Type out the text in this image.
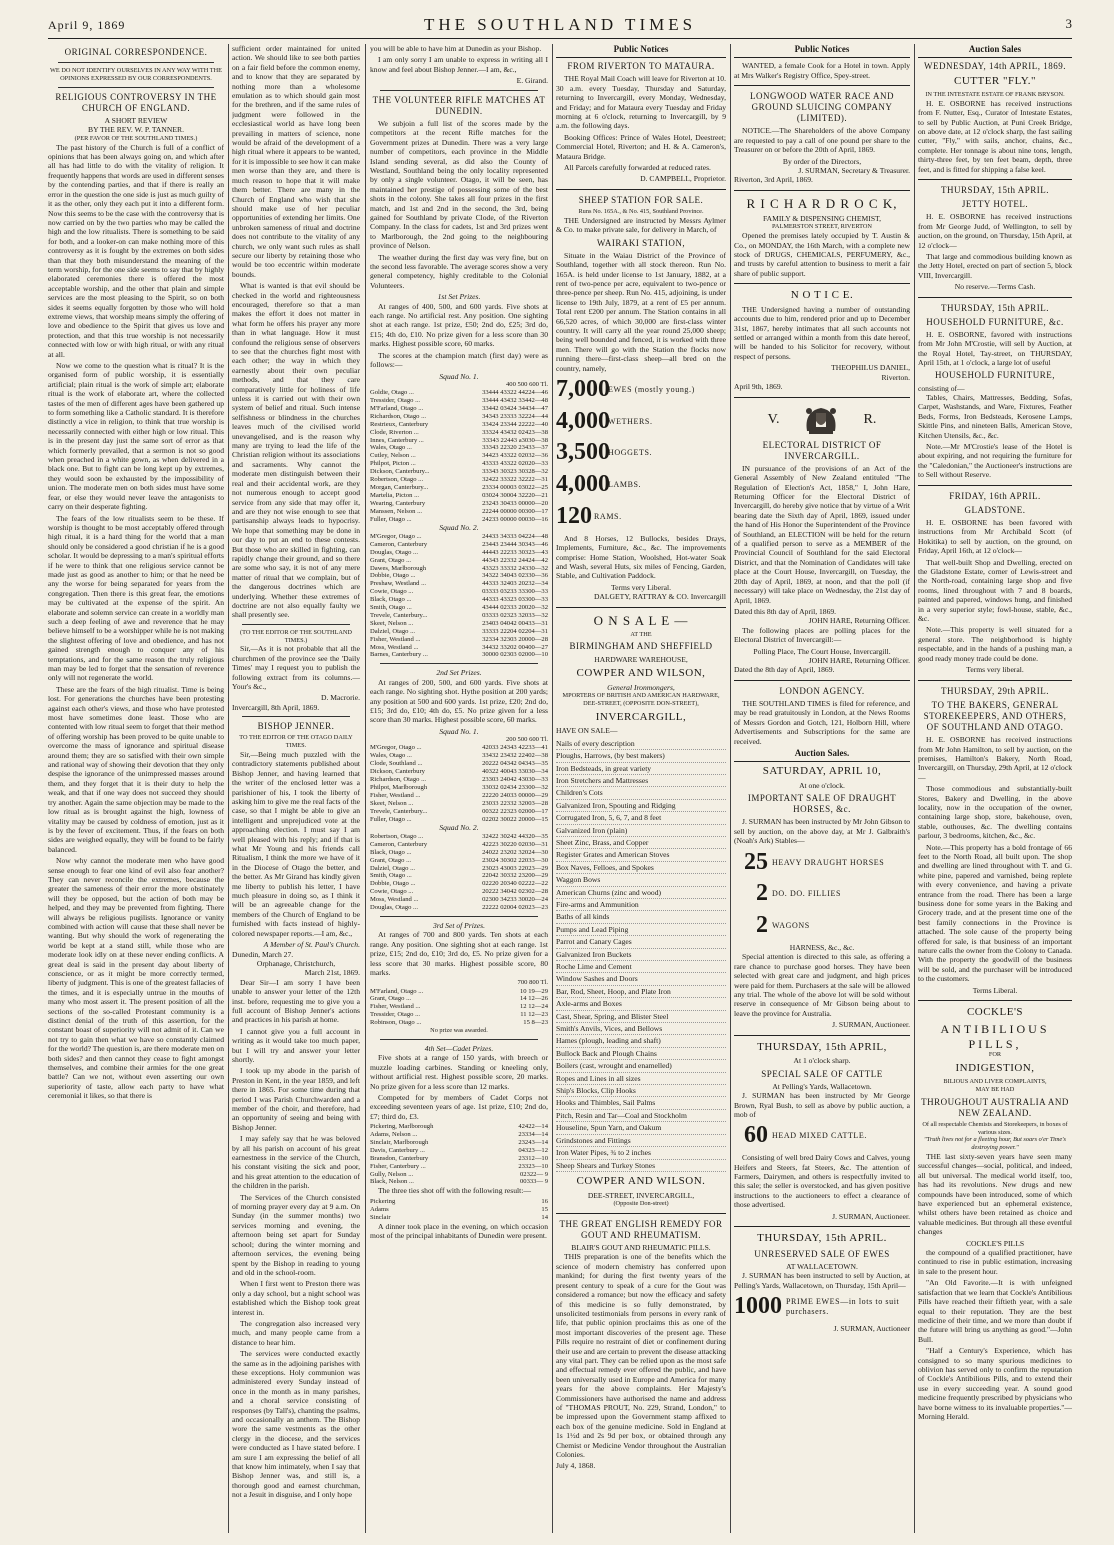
April 9, 1869	THE SOUTHLAND TIMES	3
ORIGINAL CORRESPONDENCE.
WE DO NOT IDENTIFY OURSELVES IN ANY WAY WITH THE OPINIONS EXPRESSED BY OUR CORRESPONDENTS.
RELIGIOUS CONTROVERSY IN THE CHURCH OF ENGLAND.
A SHORT REVIEW
BY THE REV. W. P. TANNER.
(PER FAVOR OF THE SOUTHLAND TIMES.)

The past history of the Church is full of a conflict of opinions that has been always going on, and which after all has had little to do with the vitality of religion. It frequently happens that words are used in different senses by the contending parties, and that if there is really an error in the question the one side is just as much guilty of it as the other, only they each put it into a different form. Now this seems to be the case with the controversy that is now carried on by the two parties who may be called the high and the low ritualists. There is something to be said for both, and a looker-on can make nothing more of this controversy as it is fought by the extremes on both sides than that they both misunderstand the meaning of the term worship, for the one side seems to say that by highly elaborated ceremonies there is offered the most acceptable worship, and the other that plain and simple services are the most pleasing to the Spirit, so on both sides it seems equally forgotten by those who will hold extreme views, that worship means simply the offering of love and obedience to the Spirit that gives us love and protection, and that this true worship is not necessarily connected with low or with high ritual, or with any ritual at all.

Now we come to the question what is ritual? It is the organised form of public worship, it is essentially artificial; plain ritual is the work of simple art; elaborate ritual is the work of elaborate art, where the collected tastes of the men of different ages have been gathered up to form something like a Catholic standard. It is therefore distinctly a vice in religion, to think that true worship is necessarily connected with either high or low ritual. This is in the present day just the same sort of error as that which formerly prevailed, that a sermon is not so good when preached in a white gown, as when delivered in a black one. But to fight can be long kept up by extremes, they would soon be exhausted by the impossibility of union. The moderate men on both sides must have some fear, or else they would never leave the antagonists to carry on their desperate fighting.

The fears of the low ritualists seem to be these. If worship is thought to be most acceptably offered through high ritual, it is a hard thing for the world that a man should only be considered a good christian if he is a good scholar. It would be depressing to a man's spiritual efforts if he were to think that one religious service cannot be made just as good as another to him; or that he need be any the worse for being separated for years from the congregation. Then there is this great fear, the emotions may be cultivated at the expense of the spirit. An elaborate and solemn service can create in a worldly man such a deep feeling of awe and reverence that he may believe himself to be a worshipper while he is not making the slightest offering of love and obedience, and has not gained strength enough to conquer any of his temptations, and for the same reason the truly religious man may be led to forget that the sensation of reverence only will not regenerate the world.

These are the fears of the high ritualist. Time is being lost. For generations the churches have been protesting against each other's views, and those who have protested most have sometimes done least. Those who are contented with low ritual seem to forget that their method of offering worship has been proved to be quite unable to overcome the mass of ignorance and spiritual disease around them; they are so satisfied with their own simple and rational way of showing their devotion that they only despise the ignorance of the unimpressed masses around them, and they forget that it is their duty to help the weak, and that if one way does not succeed they should try another. Again the same objection may be made to the low ritual as is brought against the high, lowness of vitality may be caused by coldness of emotion, just as it is by the fever of excitement. Thus, if the fears on both sides are weighed equally, they will be found to be fairly balanced.

Now why cannot the moderate men who have good sense enough to fear one kind of evil also fear another? They can never reconcile the extremes, because the greater the sameness of their error the more obstinately will they be opposed, but the action of both may be helped, and they may be prevented from fighting. There will always be religious pugilists. Ignorance or vanity combined with action will cause that these shall never be wanting. But why should the work of regenerating the world be kept at a stand still, while those who are moderate look idly on at these never ending conflicts. A great deal is said in the present day about liberty of conscience, or as it might be more correctly termed, liberty of judgment. This is one of the greatest fallacies of the times, and it is especially untrue in the mouths of many who most assert it. The present position of all the sections of the so-called Protestant community is a distinct denial of the truth of this assertion, for the constant boast of superiority will not admit of it. Can we not try to gain then what we have so constantly claimed for the world? The question is, are there moderate men on both sides? and then cannot they cease to fight amongst themselves, and combine their armies for the one great battle? Can we not, without even asserting our own superiority of taste, allow each party to have what ceremonial it likes, so that there is

sufficient order maintained for united action. We should like to see both parties on a fair field before the common enemy, and to know that they are separated by nothing more than a wholesome emulation as to which should gain most for the brethren, and if the same rules of judgment were followed in the ecclesiastical world as have long been prevailing in matters of science, none would be afraid of the development of a high ritual where it appears to be wanted, for it is impossible to see how it can make men worse than they are, and there is much reason to hope that it will make them better. There are many in the Church of England who wish that she should make use of her peculiar opportunities of extending her limits. One unbroken sameness of ritual and doctrine does not contribute to the vitality of any church, we only want such rules as shall secure our liberty by retaining those who would be too eccentric within moderate bounds.

What is wanted is that evil should be checked in the world and righteousness encouraged, therefore so that a man makes the effort it does not matter in what form he offers his prayer any more than in what language. How it must confound the religious sense of observers to see that the churches fight most with each other; the way in which they earnestly about their own peculiar methods, and that they care comparatively little for holiness of life unless it is carried out with their own system of belief and ritual. Such intense selfishness or blindness in the churches leaves much of the civilised world unevangelised, and is the reason why many are trying to lead the life of the Christian religion without its associations and sacraments. Why cannot the moderate men distinguish between their real and their accidental work, are they not numerous enough to accept good service from any side that may offer it, and are they not wise enough to see that partisanship always leads to hypocrisy. We hope that something may be done in our day to put an end to these contests. But those who are skilled in fighting, can rapidly change their ground, and so there are some who say, it is not of any mere matter of ritual that we complain, but of the dangerous doctrines which are underlying. Whether these extremes of doctrine are not also equally faulty we shall presently see.

(TO THE EDITOR OF THE SOUTHLAND TIMES.)

Sir,—As it is not probable that all the churchmen of the province see the 'Daily Times' may I request you to publish the following extract from its columns.—Your's &c.,

D. Macrorie.
Invercargill, 8th April, 1869.
BISHOP JENNER.
TO THE EDITOR OF THE OTAGO DAILY TIMES.

Sir,—Being much puzzled with the contradictory statements published about Bishop Jenner, and having learned that the writer of the enclosed letter was a parishioner of his, I took the liberty of asking him to give me the real facts of the case, so that I might be able to give an intelligent and unprejudiced vote at the approaching election. I must say I am well pleased with his reply; and if that is what Mr Young and his friends call Ritualism, I think the more we have of it in the Diocese of Otago the better, and the better. As Mr Girand has kindly given me liberty to publish his letter, I have much pleasure in doing so, as I think it will be an agreeable change for the members of the Church of England to be furnished with facts instead of highly-colored newspaper reports.—I am, &c.,

A Member of St. Paul's Church.
Dunedin, March 27.
Orphanage, Christchurch,
March 21st, 1869.

Dear Sir—I am sorry I have been unable to answer your letter of the 12th inst. before, requesting me to give you a full account of Bishop Jenner's actions and practices in his parish at home.

I cannot give you a full account in writing as it would take too much paper, but I will try and answer your letter shortly.

I took up my abode in the parish of Preston in Kent, in the year 1859, and left there in 1865. For some time during that period I was Parish Churchwarden and a member of the choir, and therefore, had an opportunity of seeing and being with Bishop Jenner.

I may safely say that he was beloved by all his parish on account of his great earnestness in the service of the Church, his constant visiting the sick and poor, and his great attention to the education of the children in the parish.

The Services of the Church consisted of morning prayer every day at 9 a.m. On Sunday (in the summer months) two services morning and evening, the afternoon being set apart for Sunday school; during the winter morning and afternoon services, the evening being spent by the Bishop in reading to young and old in the school-room.

When I first went to Preston there was only a day school, but a night school was established which the Bishop took great interest in.

The congregation also increased very much, and many people came from a distance to hear him.

The services were conducted exactly the same as in the adjoining parishes with these exceptions. Holy communion was administered every Sunday instead of once in the month as in many parishes, and a choral service consisting of responses (by Tall's), chanting the psalms, and occasionally an anthem. The Bishop wore the same vestments as the other clergy in the diocese, and the services were conducted as I have stated before. I am sure I am expressing the belief of all that know him intimately, when I say that Bishop Jenner was, and still is, a thorough good and earnest churchman, not a Jesuit in disguise, and I only hope

you will be able to have him at Dunedin as your Bishop.

I am only sorry I am unable to express in writing all I know and feel about Bishop Jenner.—I am, &c.,

E. Girand.
THE VOLUNTEER RIFLE MATCHES AT DUNEDIN.

We subjoin a full list of the scores made by the competitors at the recent Rifle matches for the Government prizes at Dunedin. There was a very large number of competitors, each province in the Middle Island sending several, as did also the County of Westland, Southland being the only locality represented by only a single volunteer. Otago, it will be seen, has maintained her prestige of possessing some of the best shots in the colony. She takes all four prizes in the first match, and 1st and 2nd in the second, the 3rd, being gained for Southland by private Clode, of the Riverton Company. In the class for cadets, 1st and 3rd prizes went to Marlborough, the 2nd going to the neighbouring province of Nelson.

The weather during the first day was very fine, but on the second less favorable. The average scores show a very general competency, highly creditable to the Colonial Volunteers.

1st Set Prizes.

At ranges of 400, 500, and 600 yards. Five shots at each range. No artificial rest. Any position. One sighting shot at each range. 1st prize, £50; 2nd do, £25; 3rd do, £15; 4th do, £10. No prize given for a less score than 30 marks. Highest possible score, 60 marks.

The scores at the champion match (first day) were as follows:—

Squad No. 1.
400 500 600 Tl.
Goldie, Otago ...	33444 43322 44224—46
Tressider, Otago ...	33444 43432 33442—48
M'Farland, Otago ...	33442 03424 34434—47
Richardson, Otago ...	34343 23333 32224—44
Restrieux, Canterbury	33424 23344 22222—40
Clode, Riverton ...	33324 43432 02423—38
Innes, Canterbury ...	33343 22443 a3030—38
Wales, Otago ...	33343 22320 23433—37
Cutley, Nelson ...	34423 43322 02032—36
Philpot, Picton ...	43333 43322 02020—33
Dickson, Canterbury...	33343 30323 30328—32
Robertson, Otago ...	32422 33322 32222—31
Morgan, Canterbury...	23334 00003 03022—25
Martelia, Picton ...	03024 30004 32220—21
Wearing, Canterbury	23243 30433 00000—20
Manssen, Nelson ...	22244 00000 00300—17
Fuller, Otago ...	24233 00000 00030—16
Squad No. 2.
M'Gregor, Otago ...	24433 34333 04224—48
Cameron, Canterbury	23443 23444 30343—46
Douglas, Otago ...	44443 22233 30323—43
Grant, Otago ...	44343 22332 24424—42
Dawes, Marlborough	43323 33332 24330—32
Dobbie, Otago ...	34322 34043 02330—36
Preshaw, Westland ...	44333 32403 20232—34
Cowie, Otago ...	03333 03233 33300—33
Black, Otago ...	44333 43323 03300—33
Smith, Otago ...	43444 02333 20020—32
Trevele, Canterbury...	03333 02323 32033—32
Skeet, Nelson ...	23403 04042 00433—31
Dalziel, Otago ...	33333 22204 02204—31
Fisher, Westland ...	32334 32303 20000—28
Moss, Westland ...	34432 33202 00400—27
Barnes, Canterbury ...	30000 02303 02000—10
2nd Set Prizes.

At ranges of 200, 500, and 600 yards. Five shots at each range. No sighting shot. Hythe position at 200 yards; any position at 500 and 600 yards. 1st prize, £20; 2nd do, £15; 3rd do, £10; 4th do, £5. No prize given for a less score than 30 marks. Highest possible score, 60 marks.

Squad No. 1.
200 500 600 Tl.
M'Gregor, Otago ...	42033 24343 42233—41
Wales, Otago ...	33432 23432 22402—38
Clode, Southland ...	20222 04342 04343—35
Dickson, Canterbury	40322 40043 33030—34
Richardson, Otago ...	23303 24042 43030—33
Philpot, Marlborough	33032 02434 23300—32
Fisher, Westland ...	22220 24033 00000—29
Skeet, Nelson ...	23033 22332 32003—28
Trevele, Canterbury...	00322 22323 02000—17
Fuller, Otago ...	02202 30022 20000—15
Squad No. 2.
Robertson, Otago ...	32422 30242 44320—35
Cameron, Canterbury	42223 30220 02030—31
Black, Otago ...	24022 23202 32024—30
Grant, Otago ...	23024 30302 22033—30
Dalziel, Otago ...	23023 43003 22023—29
Smith, Otago ...	22042 30332 23200—29
Dobbie, Otago ...	02220 20340 02222—22
Cowie, Otago ...	20222 34042 02302—28
Moss, Westland ...	02300 34233 30020—24
Douglas, Otago ...	22222 02004 02023—23
3rd Set of Prizes.

At ranges of 700 and 800 yards. Ten shots at each range. Any position. One sighting shot at each range. 1st prize, £15; 2nd do, £10; 3rd do, £5. No prize given for a less score that 30 marks. Highest possible score, 80 marks.

700 800 Tl.
M'Farland, Otago ...	10 19—29
Grant, Otago ...	14 12—26
Fisher, Westland ...	12 12—24
Tressider, Otago ...	11 12—23
Robinson, Otago ...	15 8—23
No prize was awarded.
4th Set—Cadet Prizes.

Five shots at a range of 150 yards, with breech or muzzle loading carbines. Standing or kneeling only, without artificial rest. Highest possible score, 20 marks. No prize given for a less score than 12 marks.

Competed for by members of Cadet Corps not exceeding seventeen years of age. 1st prize, £10; 2nd do, £7; third do, £3.

Pickering, Marlborough	42422—14
Adams, Nelson ...	23334—14
Sinclair, Marlborough	23243—14
Davis, Canterbury ...	04323—12
Bransdon, Canterbury	23312—10
Fisher, Canterbury ...	23323—10
Gully, Nelson ...	02322— 9
Black, Nelson ...	00333— 9

The three ties shot off with the following result:—

Pickering	16
Adams	15
Sinclair	14

A dinner took place in the evening, on which occasion most of the principal inhabitants of Dunedin were present.

Public Notices
FROM RIVERTON TO MATAURA.

THE Royal Mail Coach will leave for Riverton at 10. 30 a.m. every Tuesday, Thursday and Saturday, returning to Invercargill, every Monday, Wednesday, and Friday; and for Mataura every Tuesday and Friday morning at 6 o'clock, returning to Invercargill, by 9 a.m. the following days.

Booking Offices: Prince of Wales Hotel, Deestreet; Commercial Hotel, Riverton; and H. & A. Cameron's, Mataura Bridge.

All Parcels carefully forwarded at reduced rates.

D. CAMPBELL, Proprietor.
SHEEP STATION FOR SALE.
Runs No. 165A., & No. 415, Southland Province.

THE Undersigned are instructed by Messrs Aylmer & Co. to make private sale, for delivery in March, of

WAIRAKI STATION,

Situate in the Waiau District of the Province of Southland, together with all stock thereon. Run No. 165A. is held under license to 1st January, 1882, at a rent of two-pence per acre, equivalent to two-pence or three-pence per sheep. Run No. 415, adjoining, is under license to 19th July, 1879, at a rent of £5 per annum. Total rent £200 per annum. The Station contains in all 66,520 acres, of which 30,000 are first-class winter country. It will carry all the year round 25,000 sheep; being well bounded and fenced, it is worked with three men. There will go with the Station the flocks now running there—first-class sheep—all bred on the country, namely,

7,000
EWES (mostly young.)
4,000
WETHERS.
3,500
HOGGETS.
4,000
LAMBS.
120 RAMS.

And 8 Horses, 12 Bullocks, besides Drays, Implements, Furniture, &c., &c. The improvements comprise: Home Station, Woolshed, Hot-water Soak and Wash, several Huts, six miles of Fencing, Garden, Stable, and Cultivation Paddock.

Terms very Liberal.
DALGETY, RATTRAY & CO. Invercargill
O N S A L E —
AT THE
BIRMINGHAM AND SHEFFIELD
HARDWARE WAREHOUSE,
COWPER AND WILSON,
General Ironmongers,
MPORTERS OF BRITISH AND AMERICAN HARDWARE,
DEE-STREET, (OPPOSITE DON-STREET),
INVERCARGILL,
HAVE ON SALE—
Nails of every description
Ploughs, Harrows, (by best makers)
Iron Bedsteads, in great variety
Iron Stretchers and Mattresses
Children's Cots
Galvanized Iron, Spouting and Ridging
Corrugated Iron, 5, 6, 7, and 8 feet
Galvanized Iron (plain)
Sheet Zinc, Brass, and Copper
Register Grates and American Stoves
Box Naves, Felloes, and Spokes
Waggon Bows
American Churns (zinc and wood)
Fire-arms and Ammunition
Baths of all kinds
Pumps and Lead Piping
Parrot and Canary Cages
Galvanized Iron Buckets
Roche Lime and Cement
Window Sashes and Doors
Bar, Rod, Sheet, Hoop, and Plate Iron
Axle-arms and Boxes
Cast, Shear, Spring, and Blister Steel
Smith's Anvils, Vices, and Bellows
Hames (plough, leading and shaft)
Bullock Back and Plough Chains
Boilers (cast, wrought and enamelled)
Ropes and Lines in all sizes
Ship's Blocks, Clip Hooks
Hooks and Thimbles, Sail Palms
Pitch, Resin and Tar—Coal and Stockholm
Houseline, Spun Yarn, and Oakum
Grindstones and Fittings
Iron Water Pipes, ¾ to 2 inches
Sheep Shears and Turkey Stones
COWPER AND WILSON.
DEE-STREET, INVERCARGILL,
(Opposite Don-street)
THE GREAT ENGLISH REMEDY FOR GOUT AND RHEUMATISM.
BLAIR'S GOUT AND RHEUMATIC PILLS.

THIS preparation is one of the benefits which the science of modern chemistry has conferred upon mankind; for during the first twenty years of the present century to speak of a cure for the Gout was considered a romance; but now the efficacy and safety of this medicine is so fully demonstrated, by unsolicited testimonials from persons in every rank of life, that public opinion proclaims this as one of the most important discoveries of the present age. These Pills require no restraint of diet or confinement during their use and are certain to prevent the disease attacking any vital part. They can be relied upon as the most safe and effectual remedy ever offered the public, and have been universally used in Europe and America for many years for the above complaints. Her Majesty's Commissioners have authorised the name and address of "THOMAS PROUT, No. 229, Strand, London," to be impressed upon the Government stamp affixed to each box of the genuine medicine. Sold in England at 1s 1½d and 2s 9d per box, or obtained through any Chemist or Medicine Vendor throughout the Australian Colonies.

July 4, 1868.
Public Notices

WANTED, a female Cook for a Hotel in town. Apply at Mrs Walker's Registry Office, Spey-street.

LONGWOOD WATER RACE AND GROUND SLUICING COMPANY (LIMITED).

NOTICE.—The Shareholders of the above Company are requested to pay a call of one pound per share to the Treasurer on or before the 20th of April, 1869.

By order of the Directors,
J. SURMAN, Secretary & Treasurer.
Riverton, 3rd April, 1869.
R I C H A R D R O C K,
FAMILY & DISPENSING CHEMIST,
PALMERSTON STREET, RIVERTON

Opened the premises lately occupied by T. Austin & Co., on MONDAY, the 16th March, with a complete new stock of DRUGS, CHEMICALS, PERFUMERY, &c., and trusts by careful attention to business to merit a fair share of public support.

N O T I C E.

THE Undersigned having a number of outstanding accounts due to him, rendered prior and up to December 31st, 1867, hereby intimates that all such accounts not settled or arranged within a month from this date hereof, will be handed to his Solicitor for recovery, without respect of persons.

THEOPHILUS DANIEL,
Riverton.
April 9th, 1869.
V.	R.
ELECTORAL DISTRICT OF INVERCARGILL.

IN pursuance of the provisions of an Act of the General Assembly of New Zealand entituled "The Regulation of Election's Act, 1858," I, John Hare, Returning Officer for the Electoral District of Invercargill, do hereby give notice that by virtue of a Writ bearing date the Sixth day of April, 1869, issued under the hand of His Honor the Superintendent of the Province of Southland, an ELECTION will be held for the return of a qualified person to serve as a MEMBER of the Provincial Council of Southland for the said Electoral District, and that the Nomination of Candidates will take place at the Court House, Invercargill, on Tuesday, the 20th day of April, 1869, at noon, and that the poll (if necessary) will take place on Wednesday, the 21st day of April, 1869.

Dated this 8th day of April, 1869.
JOHN HARE, Returning Officer.

The following places are polling places for the Electoral District of Invercargill:—

Polling Place, The Court House, Invercargill.
JOHN HARE, Returning Officer.
Dated the 8th day of April, 1869.
LONDON AGENCY.

THE SOUTHLAND TIMES is filed for reference, and may be read gratuitously in London, at the News Rooms of Messrs Gordon and Gotch, 121, Holborn Hill, where Advertisements and Subscriptions for the same are received.

Auction Sales.
SATURDAY, APRIL 10,
At one o'clock.
IMPORTANT SALE OF DRAUGHT HORSES, &c.

J. SURMAN has been instructed by Mr John Gibson to sell by auction, on the above day, at Mr J. Galbraith's (Noah's Ark) Stables—

25 HEAVY DRAUGHT HORSES
2 DO. DO. FILLIES
2 WAGONS
HARNESS, &c., &c.

Special attention is directed to this sale, as offering a rare chance to purchase good horses. They have been selected with great care and judgment, and high prices were paid for them. Purchasers at the sale will be allowed any trial. The whole of the above lot will be sold without reserve in consequence of Mr Gibson being about to leave the province for Australia.

J. SURMAN, Auctioneer.
THURSDAY, 15th APRIL,
At 1 o'clock sharp.
SPECIAL SALE OF CATTLE
At Pelling's Yards, Wallacetown.

J. SURMAN has been instructed by Mr George Brown, Ryal Bush, to sell as above by public auction, a mob of

60 HEAD MIXED CATTLE.

Consisting of well bred Dairy Cows and Calves, young Heifers and Steers, fat Steers, &c. The attention of Farmers, Dairymen, and others is respectfully invited to this sale; the seller is overstocked, and has given positive instructions to the auctioneers to effect a clearance of those advertised.

J. SURMAN, Auctioneer.
THURSDAY, 15th APRIL.
UNRESERVED SALE OF EWES
AT WALLACETOWN.

J. SURMAN has been instructed to sell by Auction, at Pelling's Yards, Wallacetown, on Thursday, 15th April—

1000 PRIME EWES—in lots to suit purchasers.
J. SURMAN, Auctioneer
Auction Sales
WEDNESDAY, 14th APRIL, 1869.
CUTTER "FLY."
IN THE INTESTATE ESTATE OF FRANK BRYSON.

H. E. OSBORNE has received instructions from F. Nutter, Esq., Curator of Intestate Estates, to sell by Public Auction, at Puni Creek Bridge, on above date, at 12 o'clock sharp, the fast sailing cutter, "Fly," with sails, anchor, chains, &c., complete. Her tonnage is about nine tons, length, thirty-three feet, by ten feet beam, depth, three feet, and is fitted for shipping a false keel.

THURSDAY, 15th APRIL.
JETTY HOTEL.

H. E. OSBORNE has received instructions from Mr George Judd, of Wellington, to sell by auction, on the ground, on Thursday, 15th April, at 12 o'clock—

That large and commodious building known as the Jetty Hotel, erected on part of section 5, block VIII, Invercargill.

No reserve.—Terms Cash.
THURSDAY, 15th APRIL.
HOUSEHOLD FURNITURE, &c.

H. E. OSBORNE, favored with instructions from Mr John M'Crostie, will sell by Auction, at the Royal Hotel, Tay-street, on THURSDAY, April 15th, at 1 o'clock, a large lot of useful

HOUSEHOLD FURNITURE,
consisting of—

Tables, Chairs, Mattresses, Bedding, Sofas, Carpet, Washstands, and Ware, Fixtures, Feather Beds, Forms, Iron Bedsteads, Kerosene Lamps, Skittle Pins, and nineteen Balls, American Stove, Kitchen Utensils, &c., &c.

Note.—Mr M'Crostie's lease of the Hotel is about expiring, and not requiring the furniture for the "Caledonian," the Auctioneer's instructions are to Sell without Reserve.

FRIDAY, 16th APRIL.
GLADSTONE.

H. E. OSBORNE has been favored with instructions from Mr Archibald Scott (of Hokitika) to sell by auction, on the ground, on Friday, April 16th, at 12 o'clock—

That well-built Shop and Dwelling, erected on the Gladstone Estate, corner of Lewis-street and the North-road, containing large shop and five rooms, lined throughout with 7 and 8 boards, painted and papered, windows hung, and finished in a very superior style; fowl-house, stable, &c., &c.

Note.—This property is well situated for a general store. The neighborhood is highly respectable, and in the hands of a pushing man, a good ready money trade could be done.

Terms very liberal.
THURSDAY, 29th APRIL.
TO THE BAKERS, GENERAL STOREKEEPERS, AND OTHERS, OF SOUTHLAND AND OTAGO.

H. E. OSBORNE has received instructions from Mr John Hamilton, to sell by auction, on the premises, Hamilton's Bakery, North Road, Invercargill, on Thursday, 29th April, at 12 o'clock—

Those commodious and substantially-built Stores, Bakery and Dwelling, in the above locality, now in the occupation of the owner, containing large shop, store, bakehouse, oven, stable, outhouses, &c. The dwelling contains parlour, 3 bedrooms, kitchen, &c., &c.

Note.—This property has a bold frontage of 66 feet to the North Road, all built upon. The shop and dwelling are lined throughout with T. and G. white pine, papered and varnished, being replete with every convenience, and having a private entrance from the road. There has been a large business done for some years in the Baking and Grocery trade, and at the present time one of the best family connections in the Province is attached. The sole cause of the property being offered for sale, is that business of an important nature calls the owner from the Colony to Canada. With the property the goodwill of the business will be sold, and the purchaser will be introduced to the customers.

Terms Liberal.
COCKLE'S
ANTIBILIOUS PILLS,
FOR
INDIGESTION,
BILIOUS AND LIVER COMPLAINTS,
MAY BE HAD
THROUGHOUT AUSTRALIA AND NEW ZEALAND.
Of all respectable Chemists and Storekeepers, in boxes of various sizes.
"Truth lives not for a fleeting hour, But soars o'er Time's destroying power."

THE last sixty-seven years have seen many successful changes—social, political, and indeed, all but universal. The medical world itself, too, has had its revolutions. New drugs and new compounds have been introduced, some of which have experienced but an ephemeral existence, whilst others have been retained as choice and valuable medicines. But through all these eventful changes

COCKLE'S PILLS

the compound of a qualified practitioner, have continued to rise in public estimation, increasing in sale to the present hour.

"An Old Favorite.—It is with unfeigned satisfaction that we learn that Cockle's Antibilious Pills have reached their fiftieth year, with a sale equal to their reputation. They are the best medicine of their time, and we more than doubt if the future will bring us anything as good."—John Bull.

"Half a Century's Experience, which has consigned to so many spurious medicines to oblivion has served only to confirm the reputation of Cockle's Antibilious Pills, and to extend their use in every succeeding year. A sound good medicine frequently prescribed by physicians who have borne witness to its invaluable properties."—Morning Herald.
